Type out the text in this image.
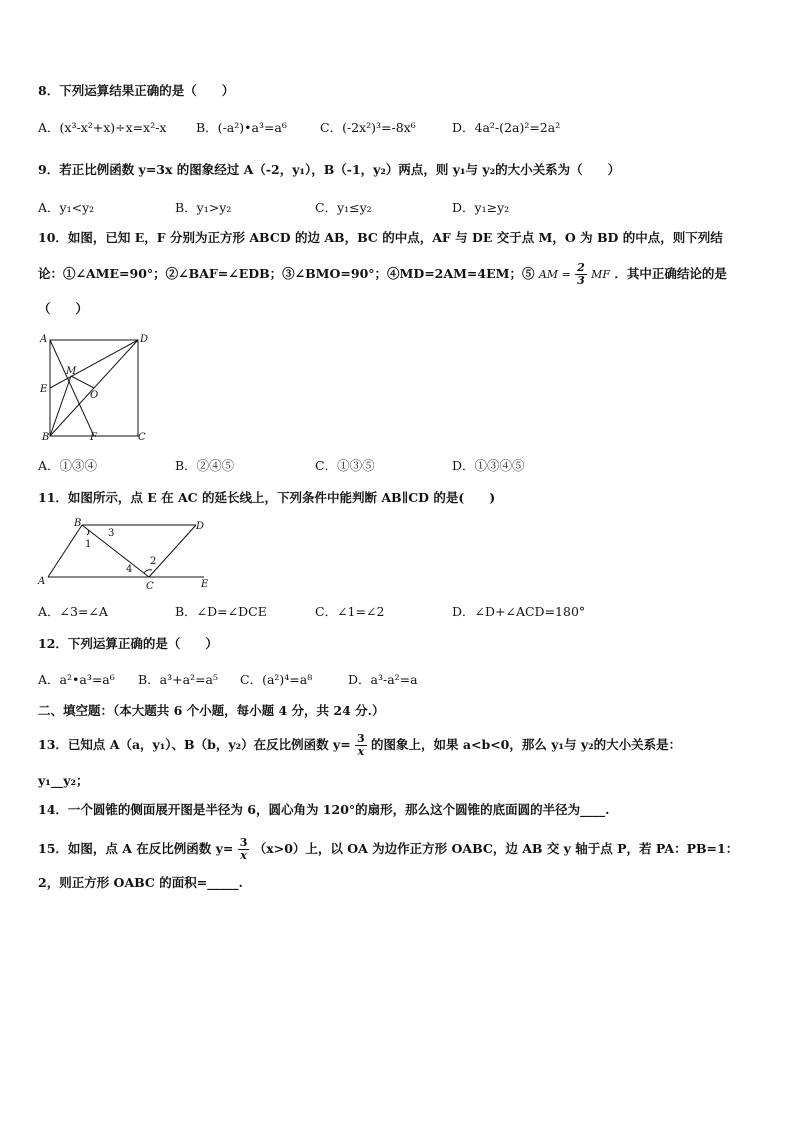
8．下列运算结果正确的是（　　）
A．(x³-x²+x)÷x=x²-x B．(-a²)•a³=a⁶	C．(-2x²)³=-8x⁶	D．4a²-(2a)²=2a²
9．若正比例函数 y=3x 的图象经过 A（-2，y₁），B（-1，y₂）两点，则 y₁与 y₂的大小关系为（　　）
A．y₁<y₂	B．y₁>y₂	C．y₁≤y₂	D．y₁≥y₂
10．如图，已知 E，F 分别为正方形 ABCD 的边 AB，BC 的中点，AF 与 DE 交于点 M，O 为 BD 的中点，则下列结
论：①∠AME=90°；②∠BAF=∠EDB；③∠BMO=90°；④MD=2AM=4EM；⑤ AM = $\frac{2}{3}$ MF ．其中正确结论的是
（　　）
A	D
M
E
O
B	F	C
A．①③④	B．②④⑤	C．①③⑤	D．①③④⑤
11．如图所示，点 E 在 AC 的延长线上，下列条件中能判断 AB∥CD 的是(　　)
B	D
3
1
2
4
A	C	E
A．∠3=∠A	B．∠D=∠DCE	C．∠1=∠2	D．∠D+∠ACD=180°
12．下列运算正确的是（　　）
A．a²•a³=a⁶ B．a³+a²=a⁵ C．(a²)⁴=a⁸	D．a³-a²=a
二、填空题：（本大题共 6 个小题，每小题 4 分，共 24 分.）
13．已知点 A（a，y₁）、B（b，y₂）在反比例函数 $y= \frac{3}{x}$ 的图象上，如果 a<b<0，那么 y₁与 y₂的大小关系是：
y₁__y₂；
14．一个圆锥的侧面展开图是半径为 6，圆心角为 120°的扇形，那么这个圆锥的底面圆的半径为____.
15．如图，点 A 在反比例函数 $y= \frac{3}{x} (x>0)$上，以 OA 为边作正方形 OABC，边 AB 交 y 轴于点 P，若 PA：PB=1：
2，则正方形 OABC 的面积=_____.
